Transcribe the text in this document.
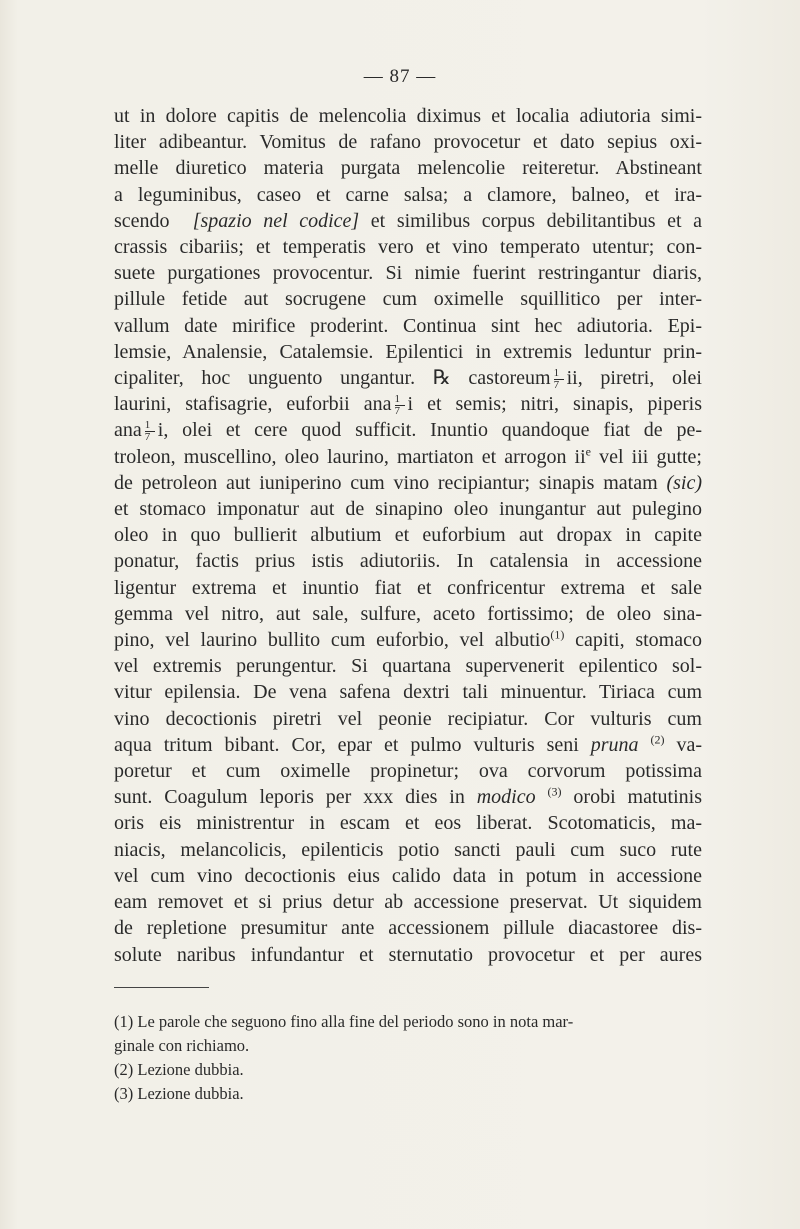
— 87 —
ut in dolore capitis de melencolia diximus et localia adiutoria simi-
liter adibeantur. Vomitus de rafano provocetur et dato sepius oxi-
melle diuretico materia purgata melencolie reiteretur. Abstineant
a leguminibus, caseo et carne salsa; a clamore, balneo, et ira-
scendo [spazio nel codice] et similibus corpus debilitantibus et a
crassis cibariis; et temperatis vero et vino temperato utentur; con-
suete purgationes provocentur. Si nimie fuerint restringantur diaris,
pillule fetide aut socrugene cum oximelle squillitico per inter-
vallum date mirifice proderint. Continua sint hec adiutoria. Epi-
lemsie, Analensie, Catalemsie. Epilentici in extremis leduntur prin-
cipaliter, hoc unguento ungantur. ℞ castoreum $\frac{1}{7}$ ii, piretri, olei
laurini, stafisagrie, euforbii ana $\frac{1}{7}$ i et semis; nitri, sinapis, piperis
ana $\frac{1}{7} i$, olei et cere quod sufficit. Inuntio quandoque fiat de pe-
troleon, muscellino, oleo laurino, martiaton et arrogon $ii^e$ vel iii gutte;
de petroleon aut iuniperino cum vino recipiantur; sinapis matam (sic)
et stomaco imponatur aut de sinapino oleo inungantur aut pulegino
oleo in quo bullierit albutium et euforbium aut dropax in capite
ponatur, factis prius istis adiutoriis. In catalensia in accessione
ligentur extrema et inuntio fiat et confricentur extrema et sale
gemma vel nitro, aut sale, sulfure, aceto fortissimo; de oleo sina-
pino, vel laurino bullito cum euforbio, vel albutio$^{(1)}$ capiti, stomaco
vel extremis perungentur. Si quartana supervenerit epilentico sol-
vitur epilensia. De vena safena dextri tali minuentur. Tiriaca cum
vino decoctionis piretri vel peonie recipiatur. Cor vulturis cum
aqua tritum bibant. Cor, epar et pulmo vulturis seni pruna $^{(2)}$ va-
poretur et cum oximelle propinetur; ova corvorum potissima
sunt. Coagulum leporis per xxx dies in modico $^{(3)}$ orobi matutinis
oris eis ministrentur in escam et eos liberat. Scotomaticis, ma-
niacis, melancolicis, epilenticis potio sancti pauli cum suco rute
vel cum vino decoctionis eius calido data in potum in accessione
eam removet et si prius detur ab accessione preservat. Ut siquidem
de repletione presumitur ante accessionem pillule diacastoree dis-
solute naribus infundantur et sternutatio provocetur et per aures
(1) Le parole che seguono fino alla fine del periodo sono in nota mar-
ginale con richiamo.
(2) Lezione dubbia.
(3) Lezione dubbia.
